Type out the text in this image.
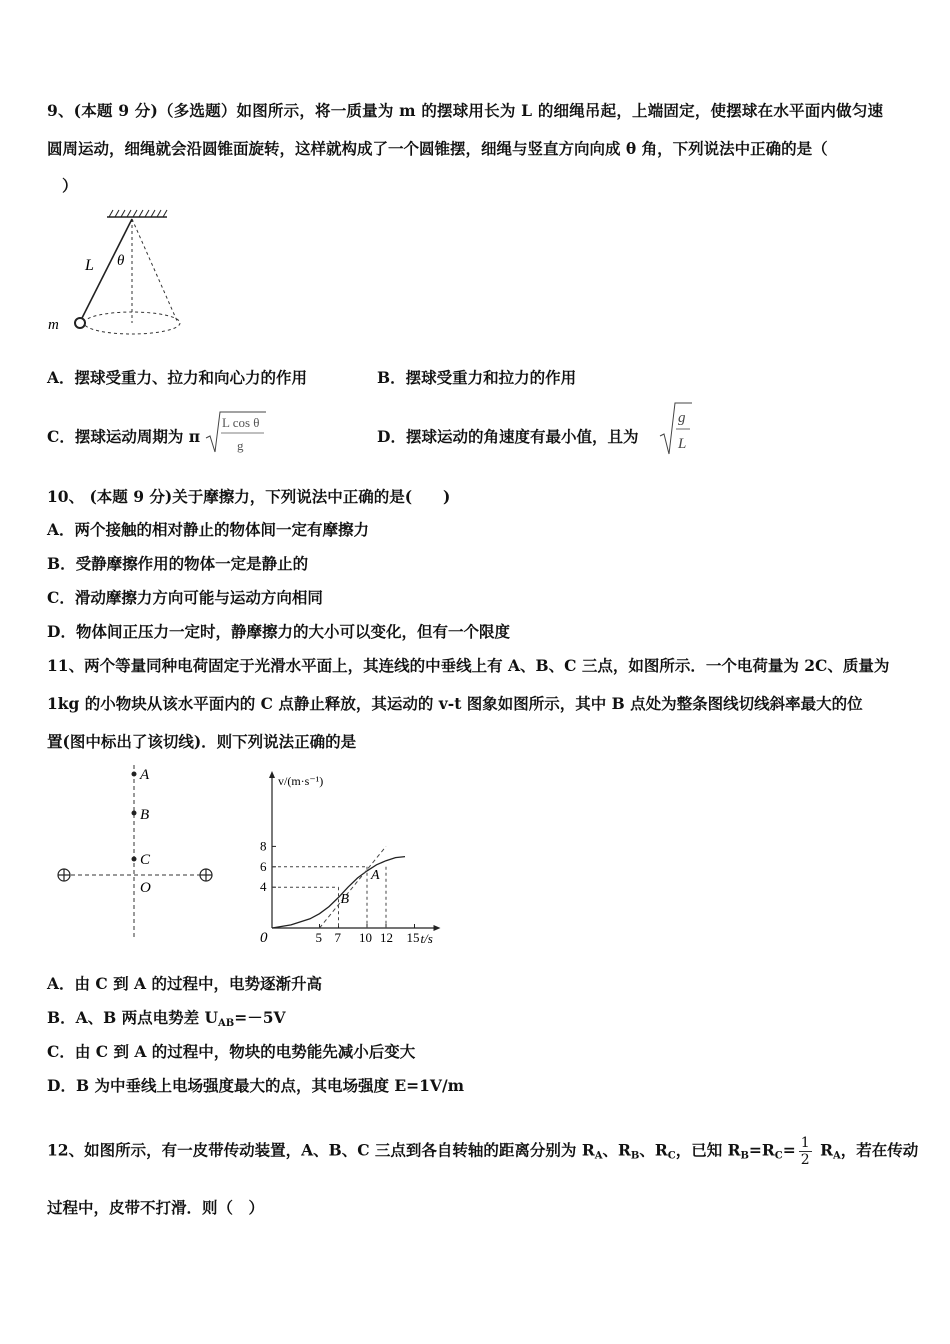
9、(本题 9 分)（多选题）如图所示，将一质量为 m 的摆球用长为 L 的细绳吊起，上端固定，使摆球在水平面内做匀速
圆周运动，细绳就会沿圆锥面旋转，这样就构成了一个圆锥摆，细绳与竖直方向向成 θ 角，下列说法中正确的是（
）
L θ
m
A．摆球受重力、拉力和向心力的作用	B．摆球受重力和拉力的作用
C．摆球运动周期为 π
L cos θ
g	D．摆球运动的角速度有最小值，且为
g
L
10、 (本题 9 分)关于摩擦力，下列说法中正确的是(　　)
A．两个接触的相对静止的物体间一定有摩擦力
B．受静摩擦作用的物体一定是静止的
C．滑动摩擦力方向可能与运动方向相同
D．物体间正压力一定时，静摩擦力的大小可以变化，但有一个限度
11、两个等量同种电荷固定于光滑水平面上，其连线的中垂线上有 A、B、C 三点，如图所示．一个电荷量为 2C、质量为
1kg 的小物块从该水平面内的 C 点静止释放，其运动的 v-t 图象如图所示，其中 B 点处为整条图线切线斜率最大的位
置(图中标出了该切线)．则下列说法正确的是
A
B
C
O
v/(m·s⁻¹)
t/s
0	5 7 10 12 15
4
6
8
A
B
A．由 C 到 A 的过程中，电势逐渐升高
B．A、B 两点电势差 $U_{AB}=-5V$
C．由 C 到 A 的过程中，物块的电势能先减小后变大
D．B 为中垂线上电场强度最大的点，其电场强度 E=1V/m
12、如图所示，有一皮带传动装置，A、B、C 三点到各自转轴的距离分别为 $R_A$、$R_B$、$R_C$，已知 $R_B=R_C= \frac{1}{2} R_A$，若在传动
过程中，皮带不打滑．则（　）
